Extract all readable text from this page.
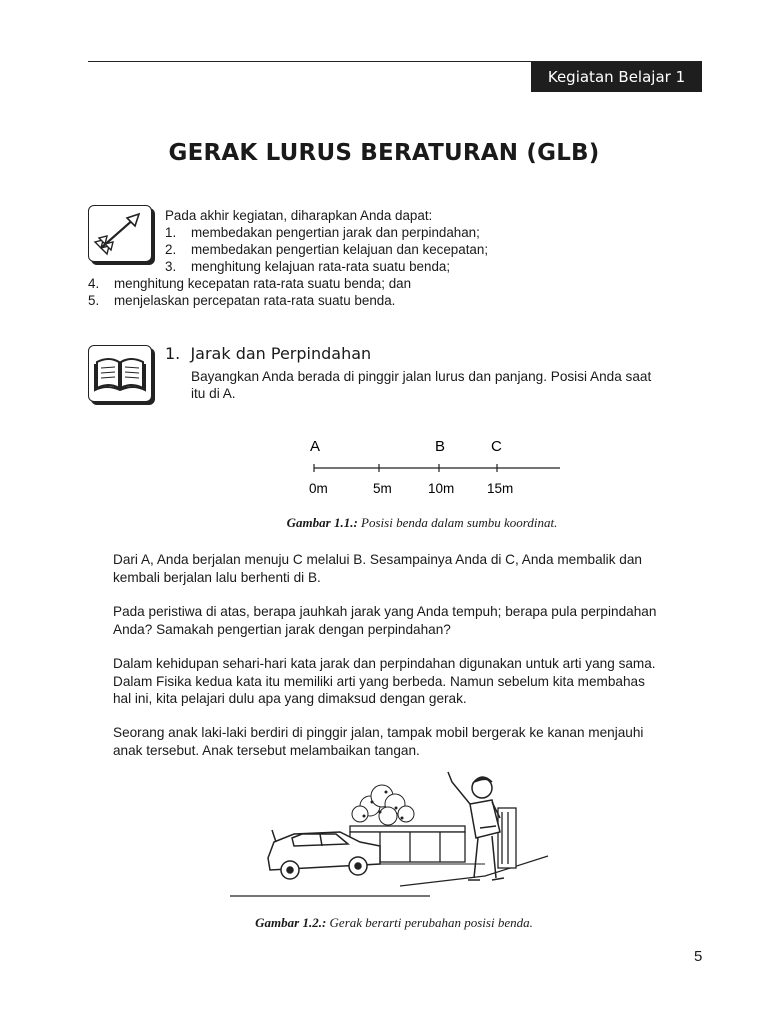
Kegiatan Belajar 1
GERAK LURUS BERATURAN (GLB)
Pada akhir kegiatan, diharapkan Anda dapat:
1. membedakan pengertian jarak dan perpindahan;
2. membedakan pengertian kelajuan dan kecepatan;
3. menghitung kelajuan rata-rata suatu benda;
4. menghitung kecepatan rata-rata suatu benda; dan
5. menjelaskan percepatan rata-rata suatu benda.
1. Jarak dan Perpindahan
Bayangkan Anda berada di pinggir jalan lurus dan panjang. Posisi Anda saat
itu di A.
A	B	C
0m	5m	10m 15m
Gambar 1.1.: Posisi benda dalam sumbu koordinat.
Dari A, Anda berjalan menuju C melalui B. Sesampainya Anda di C, Anda membalik dan
kembali berjalan lalu berhenti di B.
Pada peristiwa di atas, berapa jauhkah jarak yang Anda tempuh; berapa pula perpindahan
Anda? Samakah pengertian jarak dengan perpindahan?
Dalam kehidupan sehari-hari kata jarak dan perpindahan digunakan untuk arti yang sama.
Dalam Fisika kedua kata itu memiliki arti yang berbeda. Namun sebelum kita membahas
hal ini, kita pelajari dulu apa yang dimaksud dengan gerak.
Seorang anak laki-laki berdiri di pinggir jalan, tampak mobil bergerak ke kanan menjauhi
anak tersebut. Anak tersebut melambaikan tangan.
Gambar 1.2.: Gerak berarti perubahan posisi benda.
5
